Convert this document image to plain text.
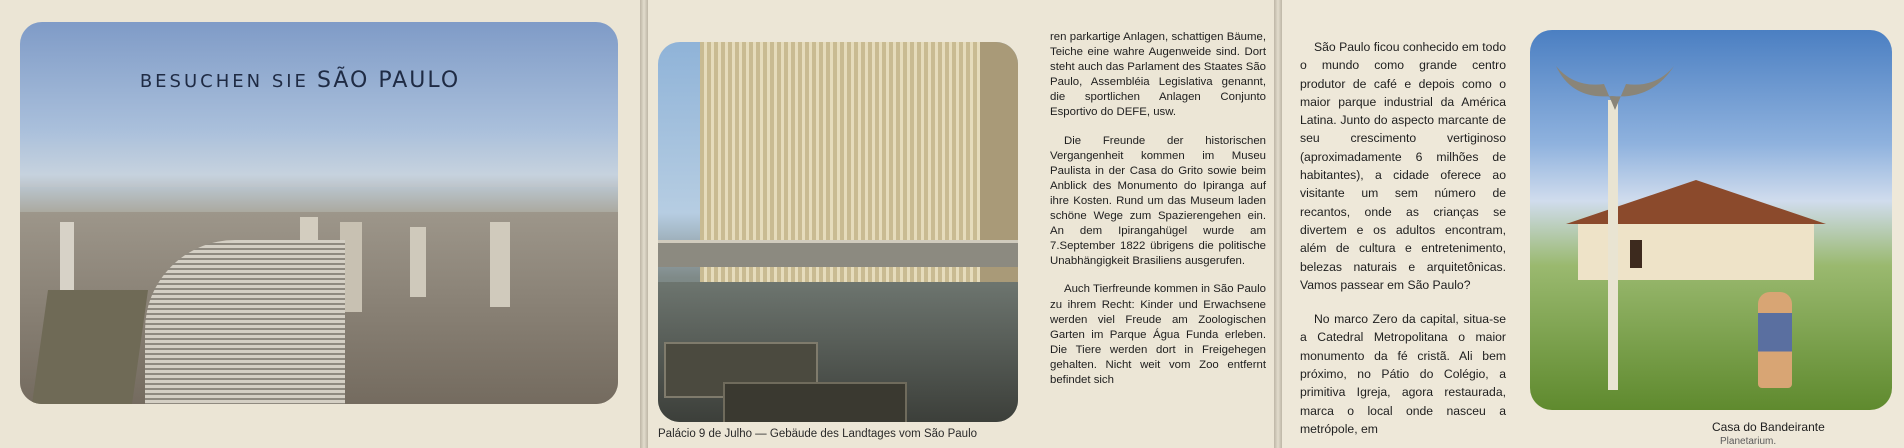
BESUCHEN SIE SÃO PAULO
Palácio 9 de Julho — Gebäude des Landtages vom São Paulo

ren parkartige Anlagen, schattigen Bäume, Teiche eine wahre Augenweide sind. Dort steht auch das Parlament des Staates São Paulo, Assembléia Legislativa genannt, die sportlichen Anlagen Conjunto Esportivo do DEFE, usw.

Die Freunde der historischen Vergangenheit kommen im Museu Paulista in der Casa do Grito sowie beim Anblick des Monumento do Ipiranga auf ihre Kosten. Rund um das Museum laden schöne Wege zum Spazierengehen ein. An dem Ipirangahügel wurde am 7.September 1822 übrigens die politische Unabhängigkeit Brasiliens ausgerufen.

Auch Tierfreunde kommen in São Paulo zu ihrem Recht: Kinder und Erwachsene werden viel Freude am Zoologischen Garten im Parque Água Funda erleben. Die Tiere werden dort in Freigehegen gehalten. Nicht weit vom Zoo entfernt befindet sich

São Paulo ficou conhecido em todo o mundo como grande centro produtor de café e depois como o maior parque industrial da América Latina. Junto do aspecto marcante de seu crescimento vertiginoso (aproximadamente 6 milhões de habitantes), a cidade oferece ao visitante um sem número de recantos, onde as crianças se divertem e os adultos encontram, além de cultura e entretenimento, belezas naturais e arquitetônicas. Vamos passear em São Paulo?

No marco Zero da capital, situa-se a Catedral Metropolitana o maior monumento da fé cristã. Ali bem próximo, no Pátio do Colégio, a primitiva Igreja, agora restaurada, marca o local onde nasceu a metrópole, em	Casa do Bandeirante
Planetarium.
